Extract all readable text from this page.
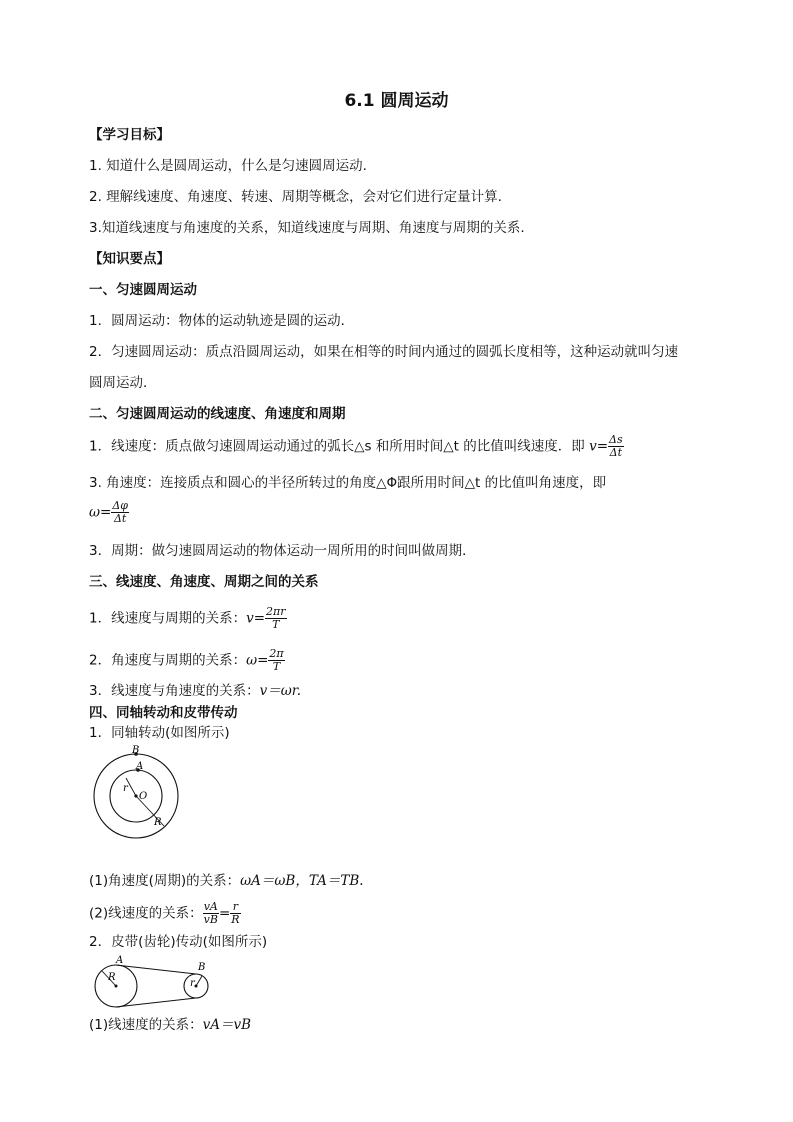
6.1 圆周运动
【学习目标】
1. 知道什么是圆周运动，什么是匀速圆周运动.
2. 理解线速度、角速度、转速、周期等概念，会对它们进行定量计算.
3.知道线速度与角速度的关系，知道线速度与周期、角速度与周期的关系.
【知识要点】
一、匀速圆周运动
1．圆周运动：物体的运动轨迹是圆的运动．
2．匀速圆周运动：质点沿圆周运动，如果在相等的时间内通过的圆弧长度相等，这种运动就叫匀速
圆周运动．
二、匀速圆周运动的线速度、角速度和周期
1．线速度：质点做匀速圆周运动通过的弧长△s 和所用时间△t 的比值叫线速度．即 $v= \frac{\Delta s}{\Delta t}$
3. 角速度：连接质点和圆心的半径所转过的角度△Φ跟所用时间△t 的比值叫角速度，即
$\omega= \frac{\Delta\varphi}{\Delta t}$
3．周期：做匀速圆周运动的物体运动一周所用的时间叫做周期．
三、线速度、角速度、周期之间的关系
1．线速度与周期的关系：$v= \frac{2\pi r}{T}$
2．角速度与周期的关系：$\omega= \frac{2\pi}{T}$
3．线速度与角速度的关系：v＝ωr.
四、同轴转动和皮带传动
1．同轴转动(如图所示)
B
A
r
O
R
(1)角速度(周期)的关系：ωA＝ωB，TA＝TB.
(2)线速度的关系： $\frac{vA}{vB} = \frac{r}{R}$
2．皮带(齿轮)传动(如图所示)
A
R
B
r
(1)线速度的关系：vA＝vB
